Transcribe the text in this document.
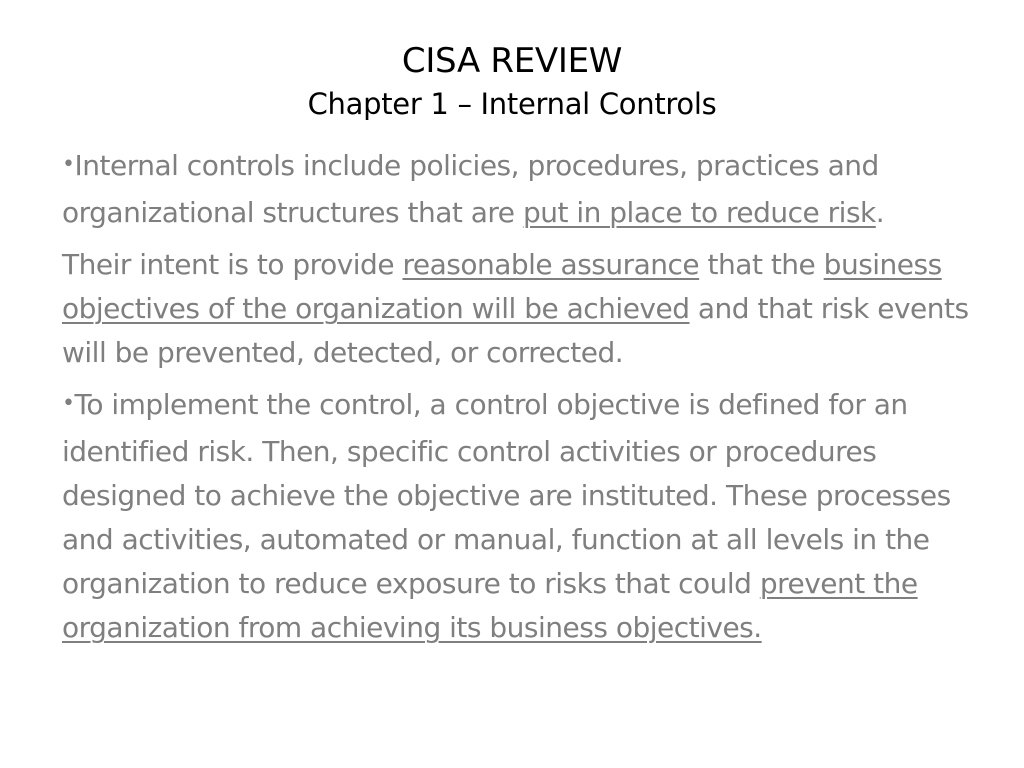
CISA REVIEW
Chapter 1 – Internal Controls

•Internal controls include policies, procedures, practices and organizational structures that are put in place to reduce risk.

Their intent is to provide reasonable assurance that the business objectives of the organization will be achieved and that risk events will be prevented, detected, or corrected.

•To implement the control, a control objective is defined for an identified risk. Then, specific control activities or procedures designed to achieve the objective are instituted. These processes and activities, automated or manual, function at all levels in the organization to reduce exposure to risks that could prevent the organization from achieving its business objectives.
